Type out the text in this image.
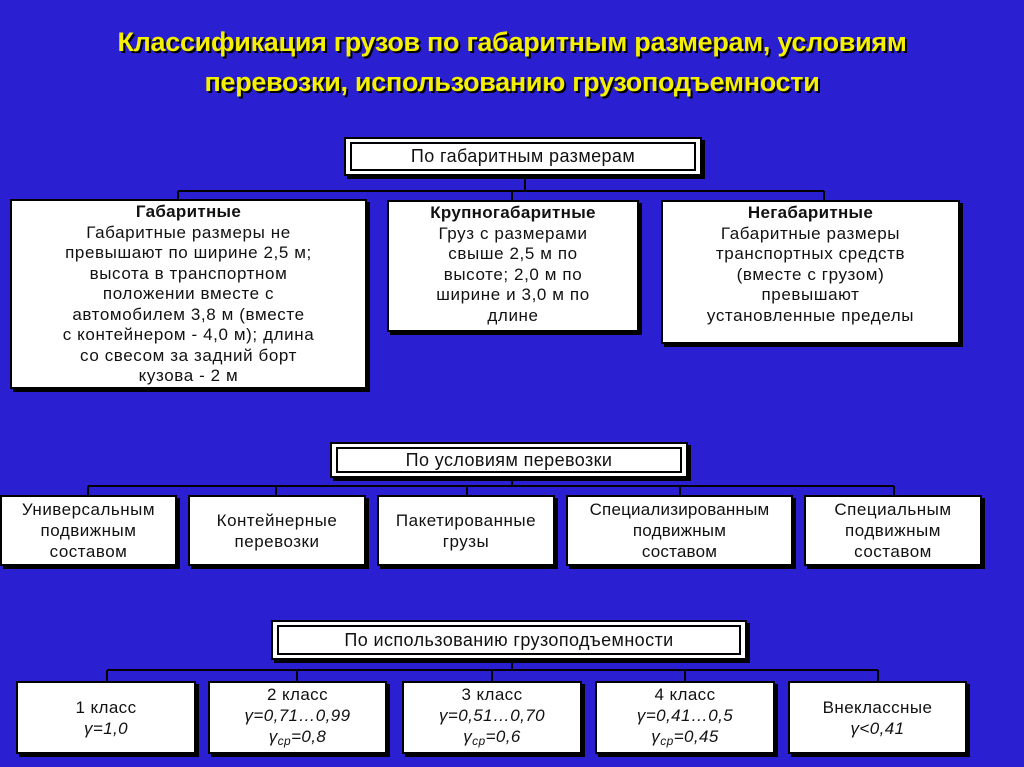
Классификация грузов по габаритным размерам, условиям
перевозки, использованию грузоподъемности
По габаритным размерам
Габаритные
Габаритные размеры не
превышают по ширине 2,5 м;
высота в транспортном
положении вместе с
автомобилем 3,8 м (вместе
с контейнером - 4,0 м); длина
со свесом за задний борт
кузова - 2 м
Крупногабаритные
Груз с размерами
свыше 2,5 м по
высоте; 2,0 м по
ширине и 3,0 м по
длине
Негабаритные
Габаритные размеры
транспортных средств
(вместе с грузом)
превышают
установленные пределы
По условиям перевозки
Универсальным
подвижным
составом
Контейнерные
перевозки
Пакетированные
грузы
Специализированным
подвижным
составом
Специальным
подвижным
составом
По использованию грузоподъемности
1 класс
γ=1,0
2 класс
γ=0,71…0,99
$\gamma_{ср}=0,8$
3 класс
γ=0,51…0,70
$\gamma_{ср}=0,6$
4 класс
γ=0,41…0,5
$\gamma_{ср}=0,45$
Внеклассные
γ<0,41
